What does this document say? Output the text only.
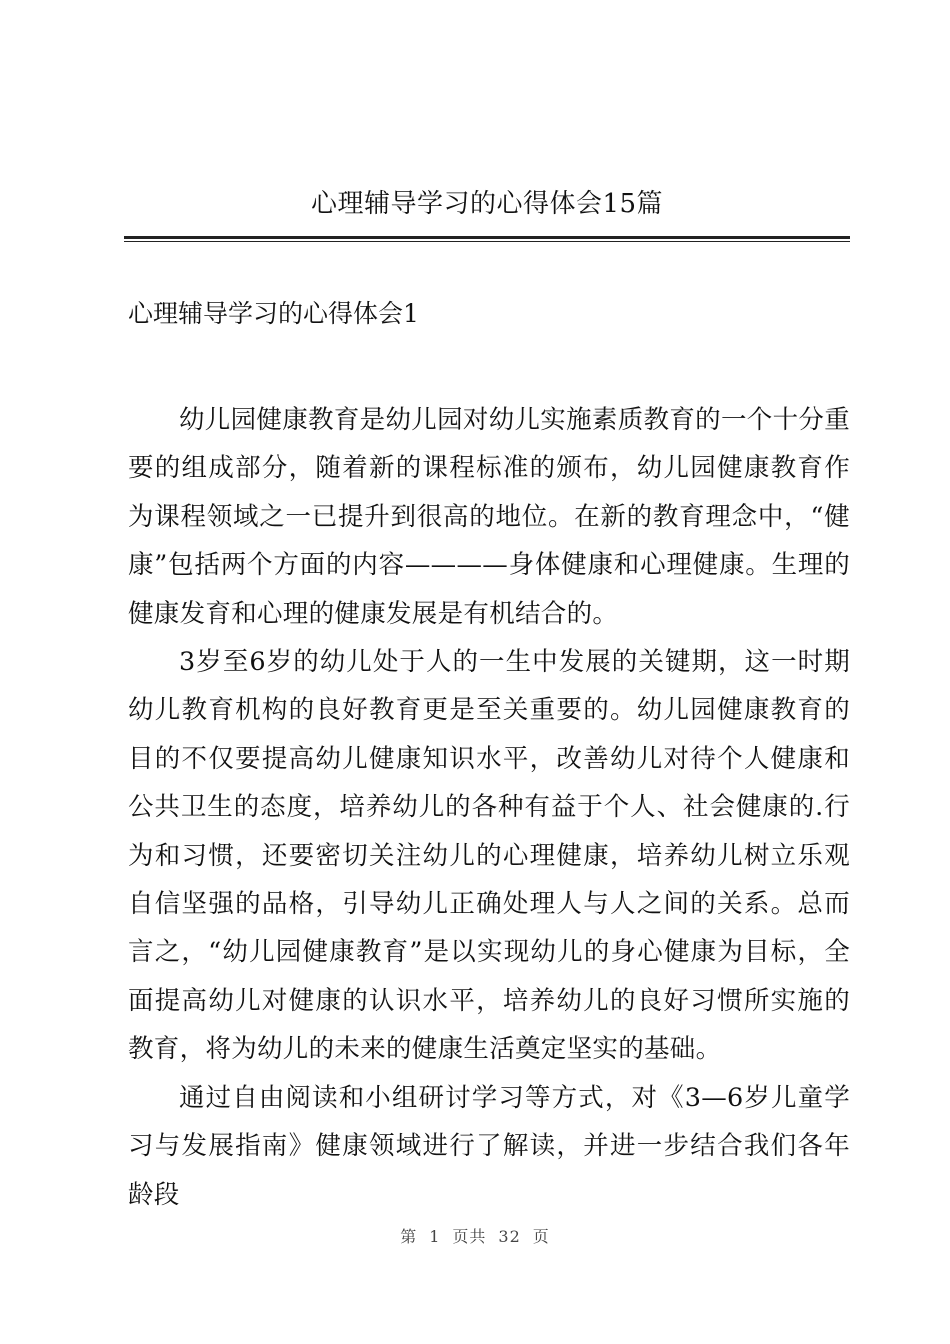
心理辅导学习的心得体会15篇
心理辅导学习的心得体会1

幼儿园健康教育是幼儿园对幼儿实施素质教育的一个十分重要的组成部分，随着新的课程标准的颁布，幼儿园健康教育作为课程领域之一已提升到很高的地位。在新的教育理念中，“健康”包括两个方面的内容————身体健康和心理健康。生理的健康发育和心理的健康发展是有机结合的。

3岁至6岁的幼儿处于人的一生中发展的关键期，这一时期幼儿教育机构的良好教育更是至关重要的。幼儿园健康教育的目的不仅要提高幼儿健康知识水平，改善幼儿对待个人健康和公共卫生的态度，培养幼儿的各种有益于个人、社会健康的.行为和习惯，还要密切关注幼儿的心理健康，培养幼儿树立乐观自信坚强的品格，引导幼儿正确处理人与人之间的关系。总而言之，“幼儿园健康教育”是以实现幼儿的身心健康为目标，全面提高幼儿对健康的认识水平，培养幼儿的良好习惯所实施的教育，将为幼儿的未来的健康生活奠定坚实的基础。

通过自由阅读和小组研讨学习等方式，对《3—6岁儿童学习与发展指南》健康领域进行了解读，并进一步结合我们各年龄段

第 1 页共 32 页
